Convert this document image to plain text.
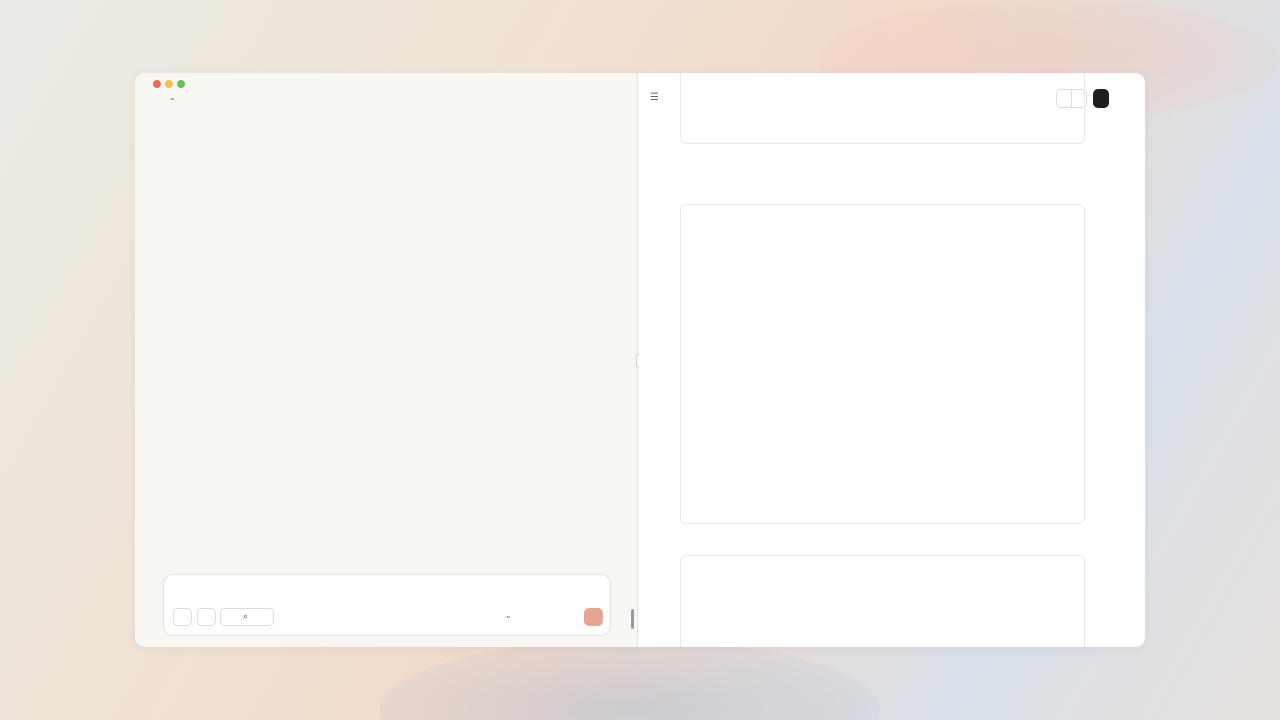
⌄

⌕	⌄
☰
